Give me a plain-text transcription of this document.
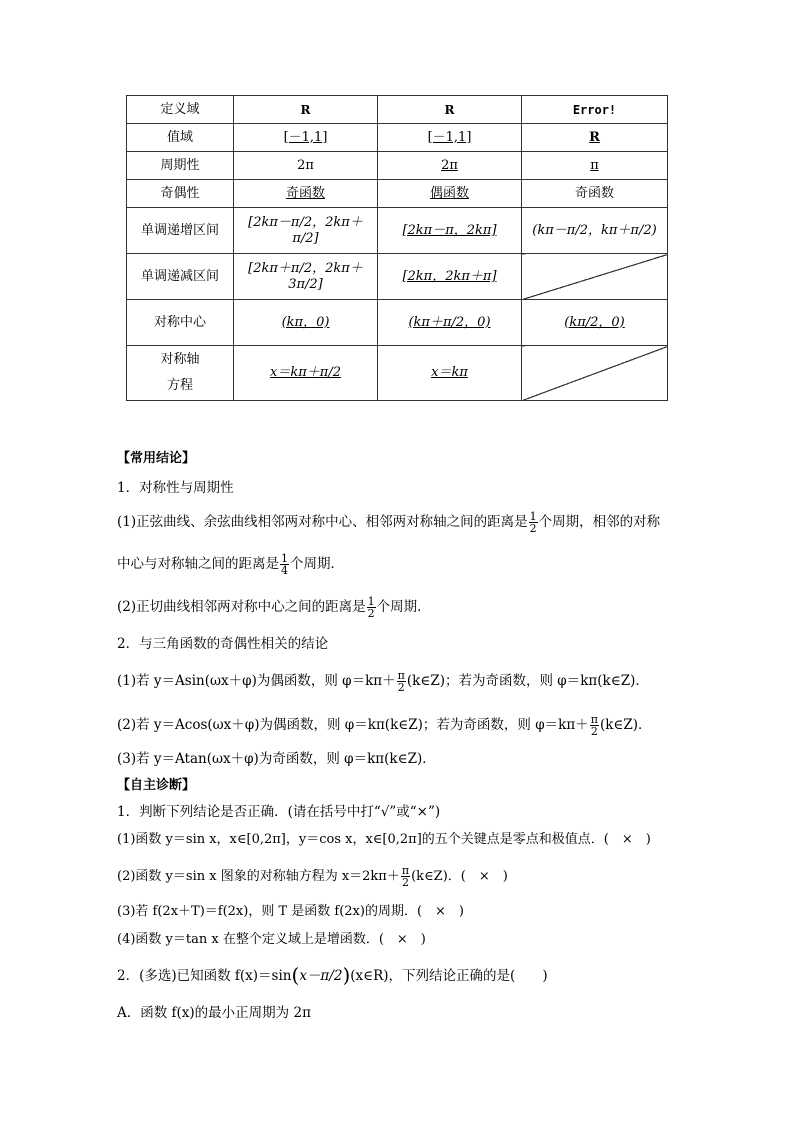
定义域	R	R	Error!
值域	[－1,1]	[－1,1]	R
周期性	2π	2π	π
奇偶性	奇函数	偶函数	奇函数
单调递增区间	[2kπ－π/2，2kπ＋π/2]	[2kπ－π，2kπ]	(kπ－π/2，kπ＋π/2)
单调递减区间	[2kπ＋π/2，2kπ＋3π/2]	[2kπ，2kπ＋π]	
对称中心	(kπ，0)	(kπ＋π/2，0)	(kπ/2，0)

对称轴
方程	x＝kπ＋π/2	x＝kπ	
【常用结论】
1．对称性与周期性
(1)正弦曲线、余弦曲线相邻两对称中心、相邻两对称轴之间的距离是 $\frac{1}{2}$ 个周期，相邻的对称
中心与对称轴之间的距离是 $\frac{1}{4}$ 个周期．
(2)正切曲线相邻两对称中心之间的距离是 $\frac{1}{2}$ 个周期．
2．与三角函数的奇偶性相关的结论
(1)若 y＝Asin(ωx＋φ)为偶函数，则 $\varphi=k\pi+ \frac{\pi}{2}$ (k∈Z)；若为奇函数，则 φ＝kπ(k∈Z)．
(2)若 y＝Acos(ωx＋φ)为偶函数，则 φ＝kπ(k∈Z)；若为奇函数，则 $\varphi=k\pi+ \frac{\pi}{2}$ (k∈Z)．
(3)若 y＝Atan(ωx＋φ)为奇函数，则 φ＝kπ(k∈Z)．
【自主诊断】
1．判断下列结论是否正确．(请在括号中打“√”或“×”)
(1)函数 y＝sin x，x∈[0,2π]，y＝cos x，x∈[0,2π]的五个关键点是零点和极值点．(　×　)
(2)函数 y＝sin x 图象的对称轴方程为 $x=2k\pi+ \frac{\pi}{2}$ (k∈Z)．(　×　)
(3)若 f(2x＋T)＝f(2x)，则 T 是函数 f(2x)的周期．(　×　)
(4)函数 y＝tan x 在整个定义域上是增函数．(　×　)
2．(多选)已知函数 f(x)＝sin(x－π/2)(x∈R)，下列结论正确的是(　　)
A．函数 f(x)的最小正周期为 2π
